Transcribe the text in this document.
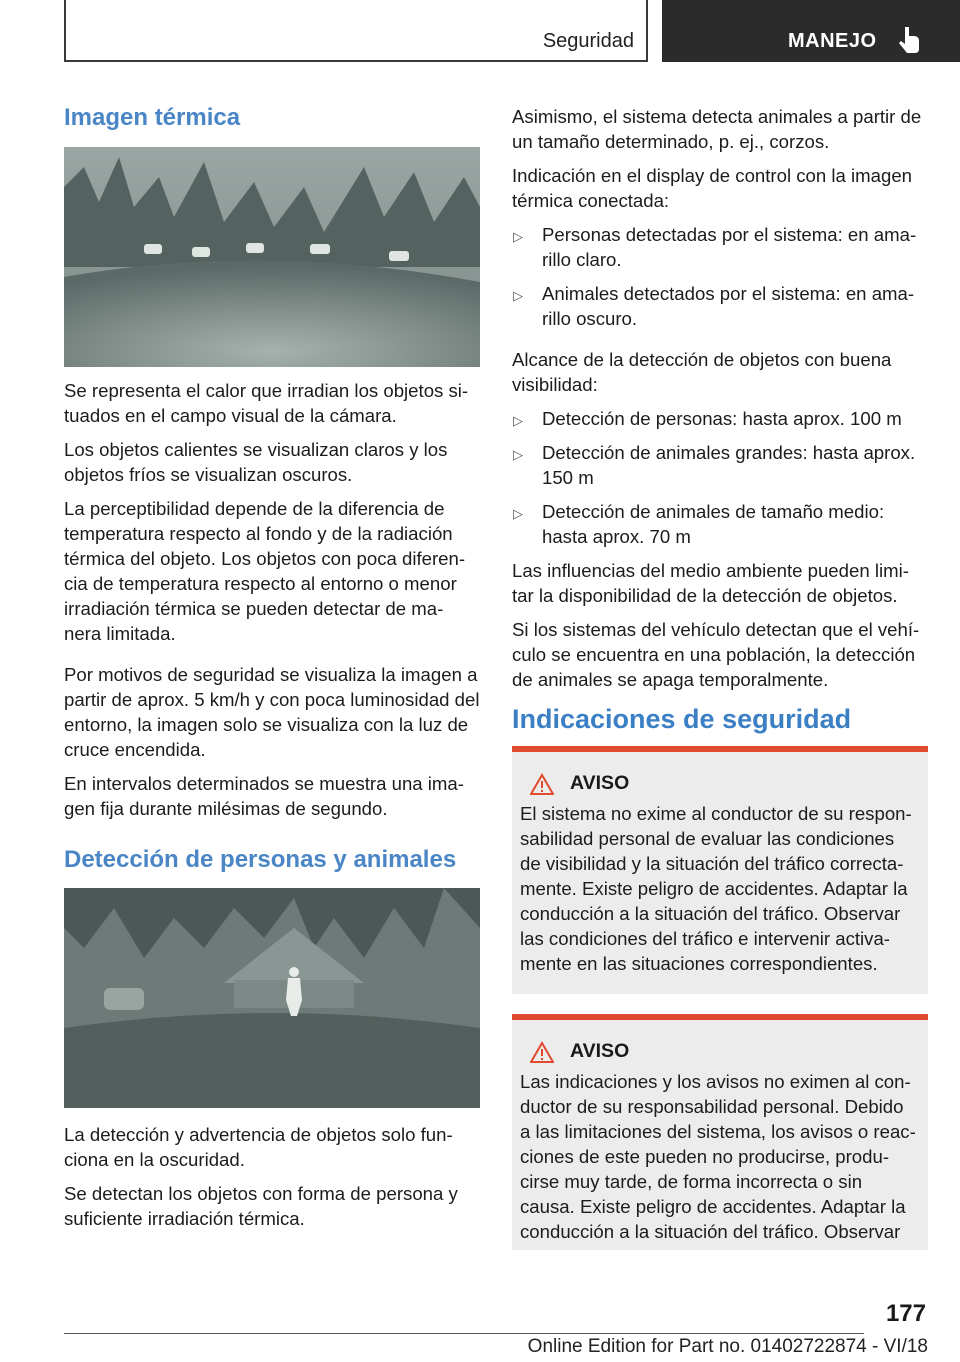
Seguridad	MANEJO
Imagen térmica

Se representa el calor que irradian los objetos si‐ tuados en el campo visual de la cámara.

Los objetos calientes se visualizan claros y los objetos fríos se visualizan oscuros.

La perceptibilidad depende de la diferencia de temperatura respecto al fondo y de la radiación térmica del objeto. Los objetos con poca diferen‐ cia de temperatura respecto al entorno o menor irradiación térmica se pueden detectar de ma‐ nera limitada.

Por motivos de seguridad se visualiza la imagen a partir de aprox. 5 km/h y con poca luminosidad del entorno, la imagen solo se visualiza con la luz de cruce encendida.

En intervalos determinados se muestra una ima‐ gen fija durante milésimas de segundo.

Detección de personas y animales

La detección y advertencia de objetos solo fun‐ ciona en la oscuridad.

Se detectan los objetos con forma de persona y suficiente irradiación térmica.

Asimismo, el sistema detecta animales a partir de un tamaño determinado, p. ej., corzos.

Indicación en el display de control con la imagen térmica conectada:

▷ Personas detectadas por el sistema: en ama‐ rillo claro.
▷ Animales detectados por el sistema: en ama‐ rillo oscuro.

Alcance de la detección de objetos con buena visibilidad:

▷ Detección de personas: hasta aprox. 100 m
▷ Detección de animales grandes: hasta aprox. 150 m
▷ Detección de animales de tamaño medio: hasta aprox. 70 m

Las influencias del medio ambiente pueden limi‐ tar la disponibilidad de la detección de objetos.

Si los sistemas del vehículo detectan que el vehí‐ culo se encuentra en una población, la detección de animales se apaga temporalmente.

Indicaciones de seguridad
AVISO

El sistema no exime al conductor de su respon‐ sabilidad personal de evaluar las condiciones de visibilidad y la situación del tráfico correcta‐ mente. Existe peligro de accidentes. Adaptar la conducción a la situación del tráfico. Observar las condiciones del tráfico e intervenir activa‐ mente en las situaciones correspondientes.

AVISO

Las indicaciones y los avisos no eximen al con‐ ductor de su responsabilidad personal. Debido a las limitaciones del sistema, los avisos o reac‐ ciones de este pueden no producirse, produ‐ cirse muy tarde, de forma incorrecta o sin causa. Existe peligro de accidentes. Adaptar la conducción a la situación del tráfico. Observar

177
Online Edition for Part no. 01402722874 - VI/18
